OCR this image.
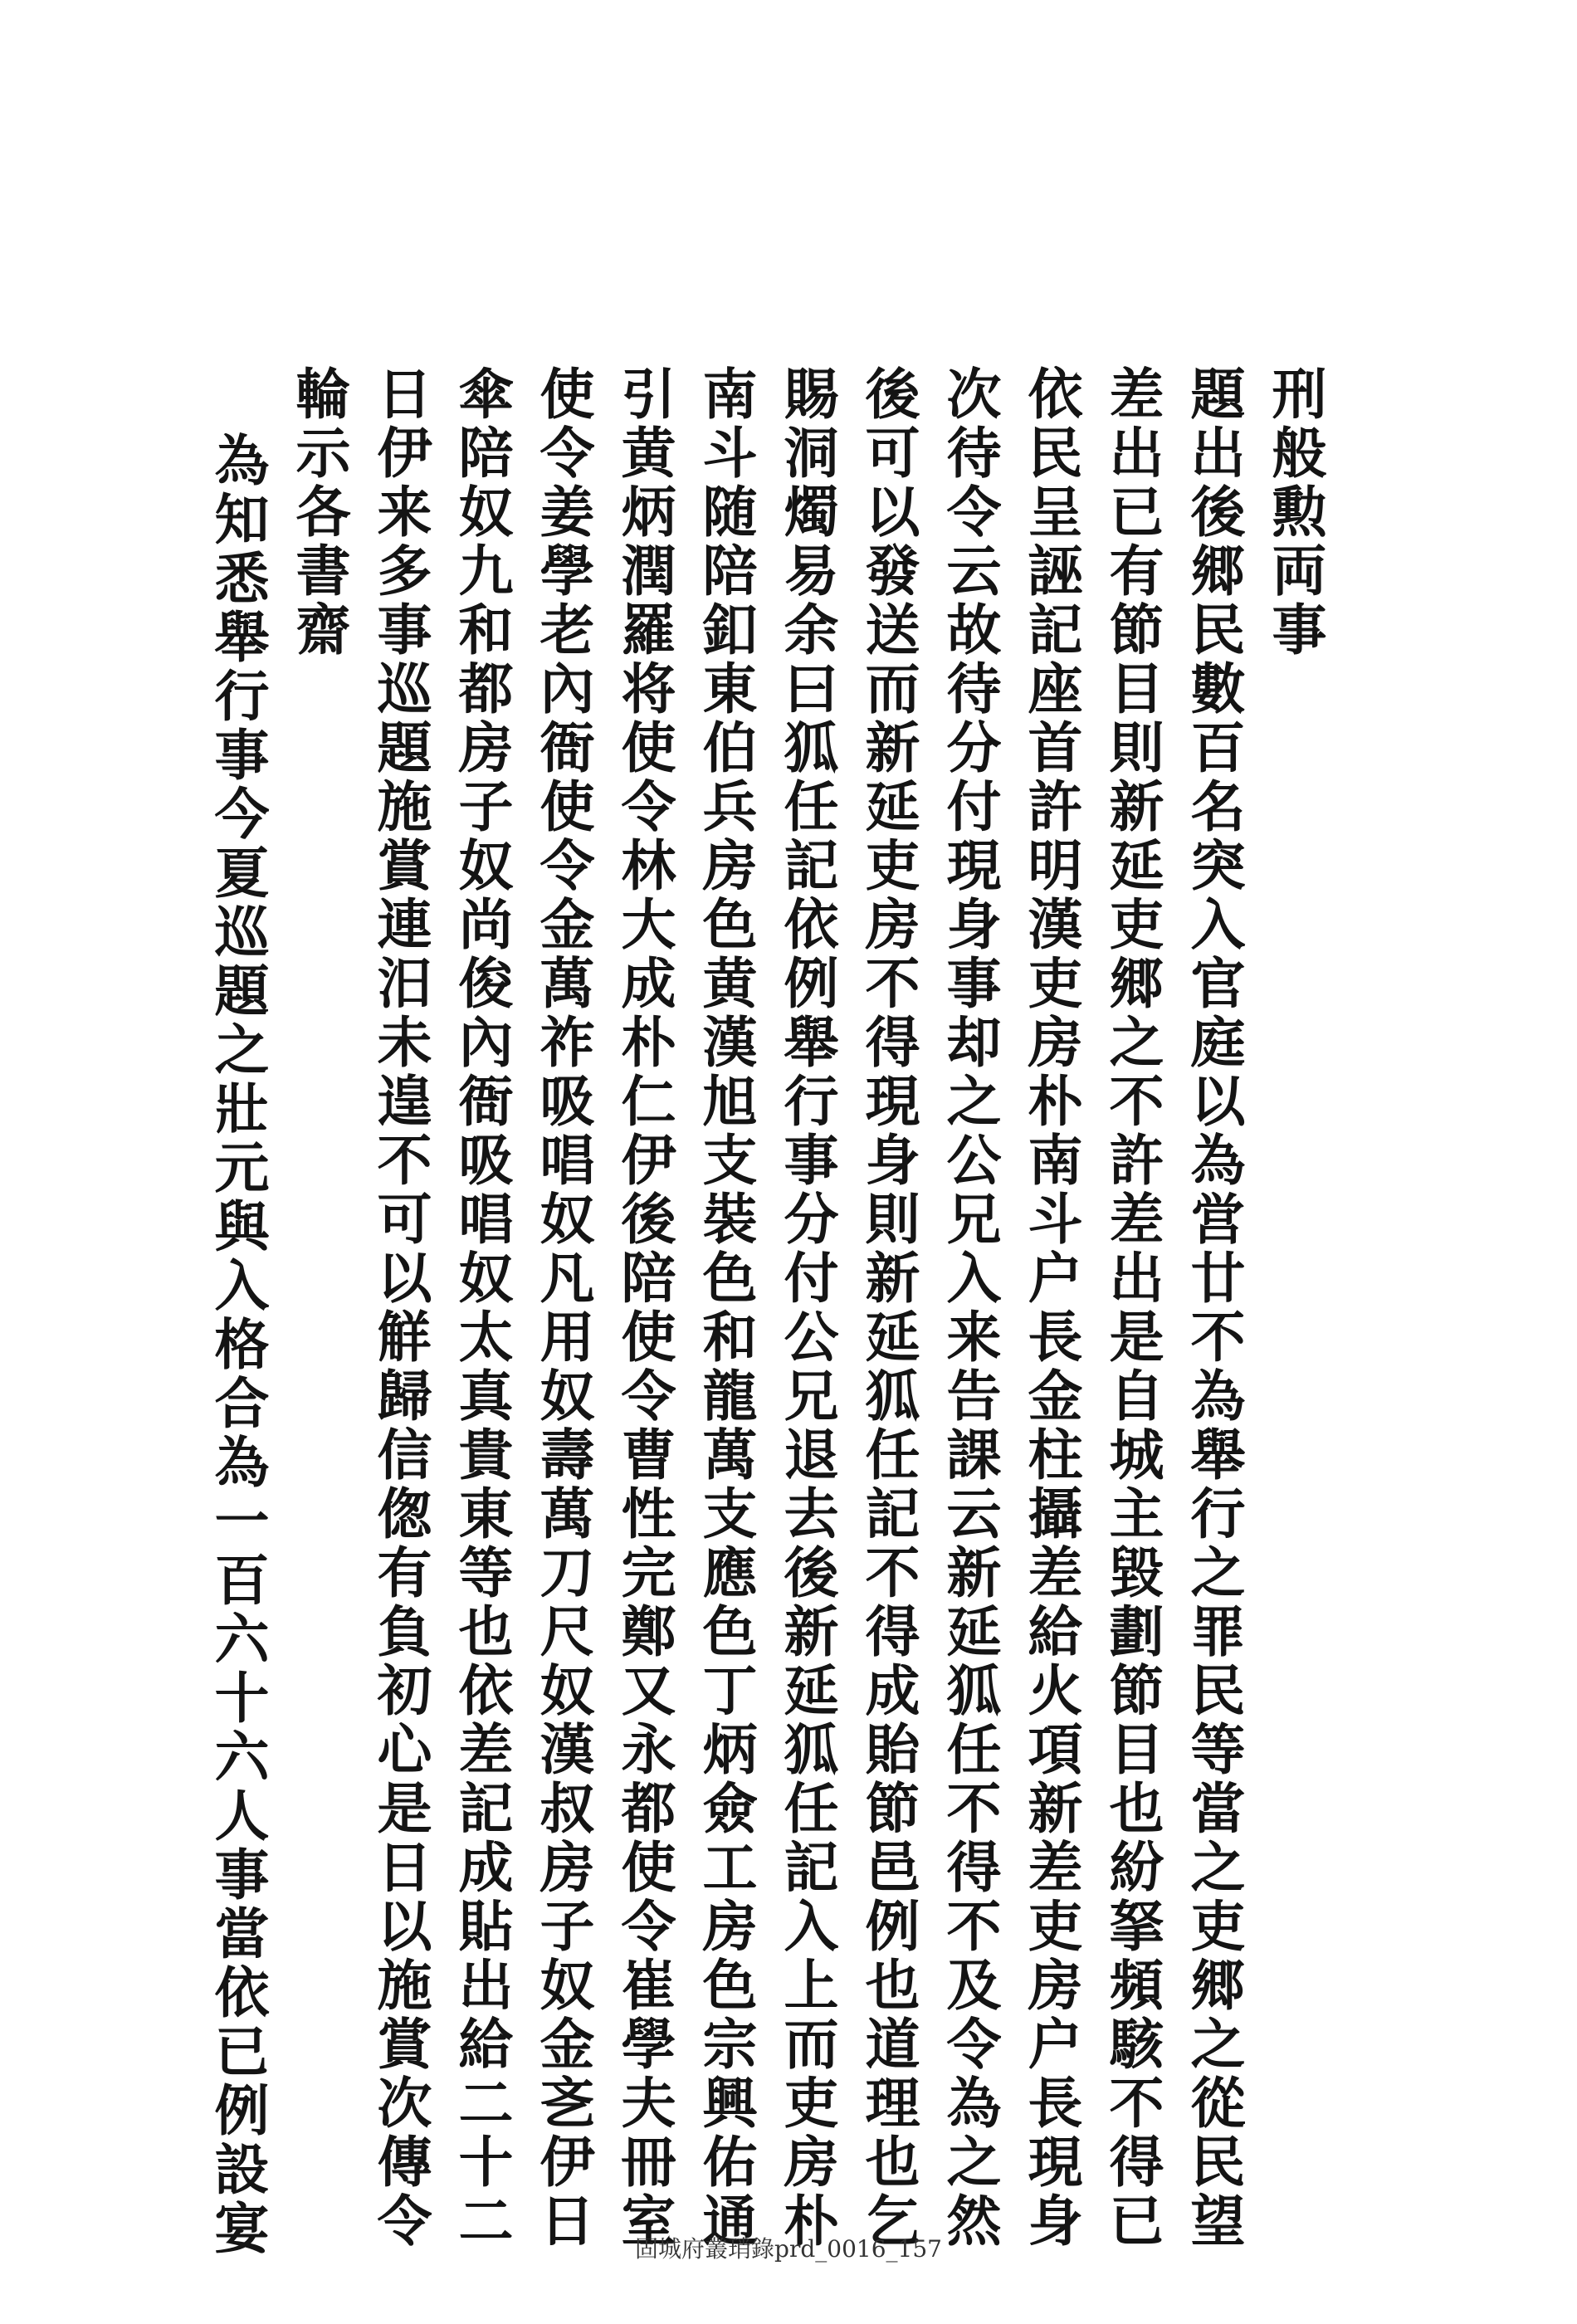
刑般勲両事
題出後郷民數百名突入官庭以為営廿不為舉行之罪民等當之吏郷之從民望
差出已有節目則新延吏郷之不許差出是自城主毀劃節目也紛拏頻駭不得已
依民呈誣記座首許明漢吏房朴南斗户長金柱攝差給火項新差吏房户長現身
次待令云故待分付現身事却之公兄入来告課云新延狐任不得不及令為之然
後可以發送而新延吏房不得現身則新延狐任記不得成貽節邑例也道理也乞
賜洞燭易余曰狐任記依例舉行事分付公兄退去後新延狐任記入上而吏房朴
南斗随陪釦東伯兵房色黄漢旭支裝色和龍萬支應色丁炳僉工房色宗興佑通
引黄炳潤羅将使令林大成朴仁伊後陪使令曹性完鄭又永都使令崔學夫冊室
使令姜學老內衙使令金萬祚吸唱奴凡用奴壽萬刀尺奴漢叔房子奴金㐎伊日
傘陪奴九和都房子奴尚俊內衙吸唱奴太真貴東等也依差記成貼出給二十二
日伊来多事巡題施賞連汨未遑不可以觧歸信偬有負初心是日以施賞次傳令
輪示各書齋
為知悉舉行事今夏巡題之壯元與入格合為一百六十六人事當依已例設宴	固城府叢琑錄prd_0016_157
